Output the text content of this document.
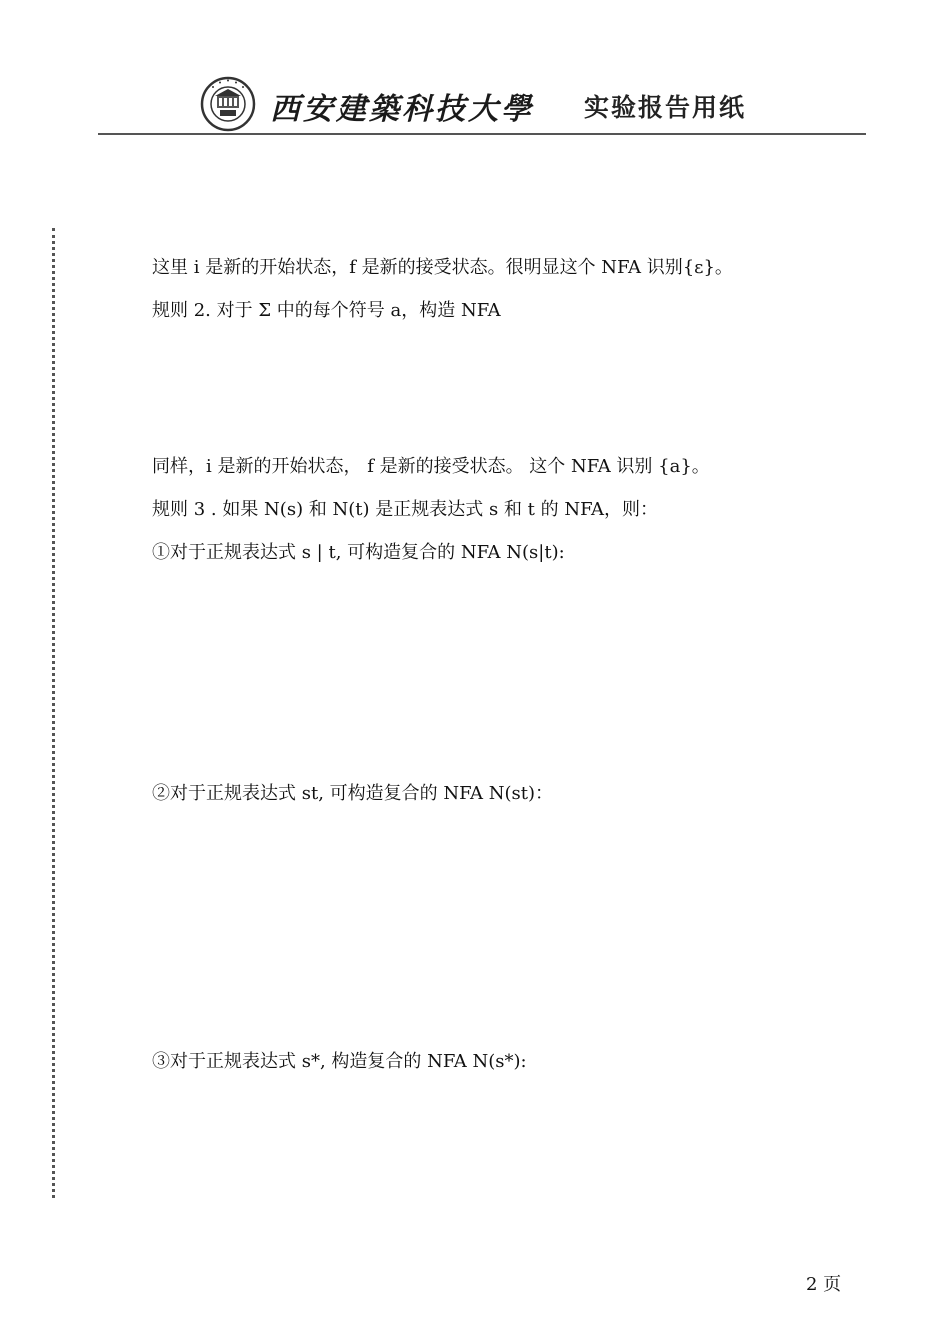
西安建築科技大學 实验报告用纸
这里 i 是新的开始状态，f 是新的接受状态。很明显这个 NFA 识别{ε}。
规则 2. 对于 Σ 中的每个符号 a，构造 NFA
同样，i 是新的开始状态， f 是新的接受状态。 这个 NFA 识别 {a}。
规则 3 . 如果 N(s) 和 N(t) 是正规表达式 s 和 t 的 NFA，则：
①对于正规表达式 s | t, 可构造复合的 NFA N(s|t):
②对于正规表达式 st, 可构造复合的 NFA N(st)：
③对于正规表达式 s*, 构造复合的 NFA N(s*):
2 页
